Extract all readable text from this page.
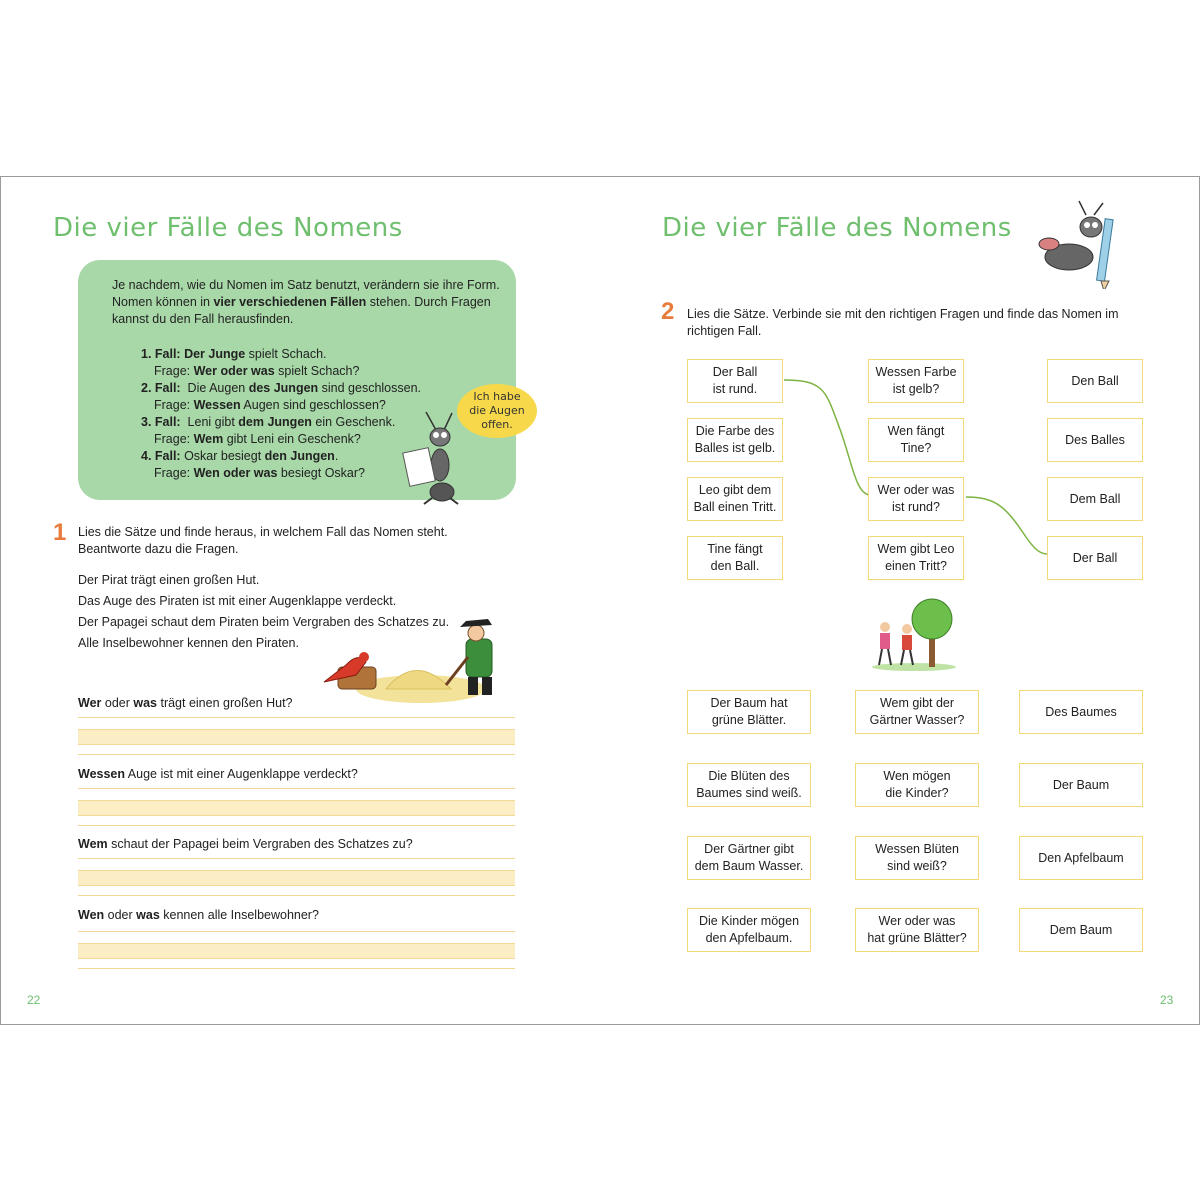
Die vier Fälle des Nomens
Je nachdem, wie du Nomen im Satz benutzt, verändern sie ihre Form.
Nomen können in vier verschiedenen Fällen stehen. Durch Fragen
kannst du den Fall herausfinden.
1. Fall: Der Junge spielt Schach.
Frage: Wer oder was spielt Schach?
2. Fall:  Die Augen des Jungen sind geschlossen.
Frage: Wessen Augen sind geschlossen?
3. Fall:  Leni gibt dem Jungen ein Geschenk.
Frage: Wem gibt Leni ein Geschenk?
4. Fall: Oskar besiegt den Jungen.
Frage: Wen oder was besiegt Oskar?
Ich habe
die Augen
offen.
1 Lies die Sätze und finde heraus, in welchem Fall das Nomen steht.
Beantworte dazu die Fragen.
Der Pirat trägt einen großen Hut.
Das Auge des Piraten ist mit einer Augenklappe verdeckt.
Der Papagei schaut dem Piraten beim Vergraben des Schatzes zu.
Alle Inselbewohner kennen den Piraten.
Wer oder was trägt einen großen Hut?
Wessen Auge ist mit einer Augenklappe verdeckt?
Wem schaut der Papagei beim Vergraben des Schatzes zu?
Wen oder was kennen alle Inselbewohner?
22
Die vier Fälle des Nomens
2 Lies die Sätze. Verbinde sie mit den richtigen Fragen und finde das Nomen im
richtigen Fall.
Der Ball
ist rund.
Die Farbe des
Balles ist gelb.
Leo gibt dem
Ball einen Tritt.
Tine fängt
den Ball.
Wessen Farbe
ist gelb?
Wen fängt
Tine?
Wer oder was
ist rund?
Wem gibt Leo
einen Tritt?
Den Ball
Des Balles
Dem Ball
Der Ball
Der Baum hat
grüne Blätter.
Die Blüten des
Baumes sind weiß.
Der Gärtner gibt
dem Baum Wasser.
Die Kinder mögen
den Apfelbaum.
Wem gibt der
Gärtner Wasser?
Wen mögen
die Kinder?
Wessen Blüten
sind weiß?
Wer oder was
hat grüne Blätter?
Des Baumes
Der Baum
Den Apfelbaum
Dem Baum
23
